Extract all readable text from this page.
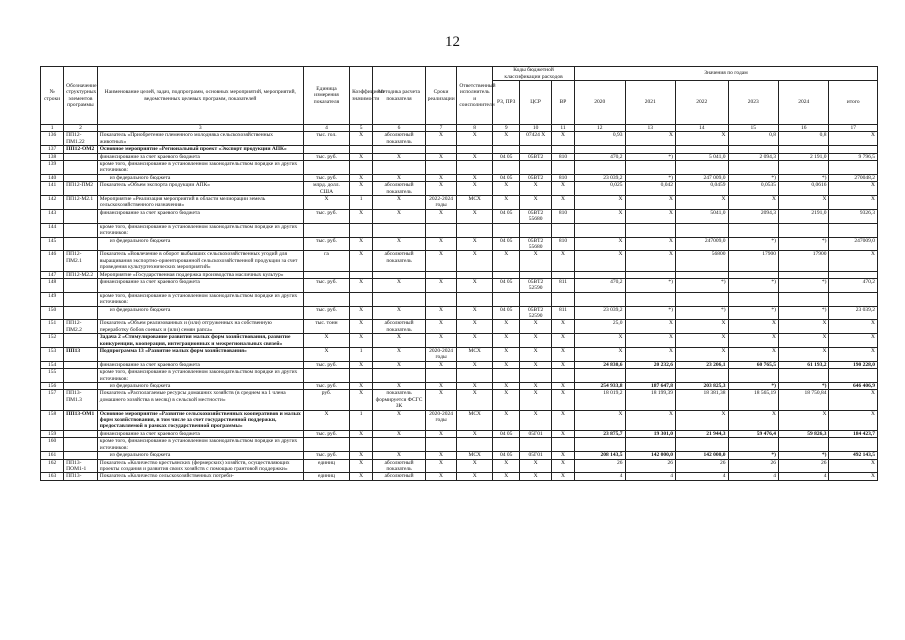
12
№ строки	Обозначение структурных элементов программы	Наименование целей, задач, подпрограмм, основных мероприятий, мероприятий, ведомственных целевых программ, показателей	Единица измерения показателя	Коэффициент значимости	Методика расчета показателя	Сроки реализации	Ответственный исполнитель и соисполнители	Коды бюджетной классификации расходов			Значения по годам					
								РЗ, ПРЗ	ЦСР	ВР	2020	2021	2022	2023	2024	итого
1	2	3	4	5	6	7	8	9	10	11	12	13	14	15	16	17
136	ПП12-ПМ1.22	Показатель «Приобретение племенного молодняка сельскохозяйственных животных»	тыс. гол.	X	абсолютный показатель	X	X	X	07424 X	X	0,93	X	X	0,8	0,8	X
137	ПП12-ОМ2	Основное мероприятие «Региональный проект «Экспорт продукции АПК»														
138		финансирование за счет краевого бюджета	тыс. руб.	X	X	X	X	04 05	05ВТ2	810	470,2	*)	5 041,0	2 094,3	2 191,0	9 796,5
139		кроме того, финансирование в установленном законодательством порядке из других источников:														
140		из федерального бюджета	тыс. руб.	X	X	X	X	04 05	05ВТ2	810	23 039,2	*)	247 009,0	*)	*)	270048,2
141	ПП12-ПМ2	Показатель «Объем экспорта продукции АПК»	млрд. долл. США	X	абсолютный показатель	X	X	X	X	X	0,025	0,042	0,0459	0,0535	0,0616	X
142	ПП12-М2.1	Мероприятие «Реализация мероприятий в области мелиорации земель сельскохозяйственного назначения»	X	1	X	2022-2024 годы	МСХ	X	X	X	X	X	X	X	X	X
143		финансирование за счет краевого бюджета	тыс. руб.	X	X	X	X	04 05	05ВТ2 55680	810	X	X	5041,0	2094,3	2191,0	9326,3
144		кроме того, финансирование в установленном законодательством порядке из других источников:														
145		из федерального бюджета	тыс. руб.	X	X	X	X	04 05	05ВТ2 55680	810	X	X	247009,0	*)	*)	247009,0
146	ПП12-ПМ2.1	Показатель «Вовлечение в оборот выбывших сельскохозяйственных угодий для выращивания экспортно-ориентированной сельскохозяйственной продукции за счет проведения культуртехнических мероприятий»	га	X	абсолютный показатель	X	X	X	X	X	X	X	56800	17900	17900	X
147	ПП12-М2.2	Мероприятие «Государственная поддержка производства масличных культур»														
148		финансирование за счет краевого бюджета	тыс. руб.	X	X	X	X	04 05	05ВТ2 52590	811	470,2	*)	*)	*)	*)	470,2
149		кроме того, финансирование в установленном законодательством порядке из других источников:														
150		из федерального бюджета	тыс. руб.	X	X	X	X	04 05	05ВТ2 52590	811	23 039,2	*)	*)	*)	*)	23 039,2
151	ПП12-ПМ2.2	Показатель «Объем реализованных и (или) отгруженных на собственную переработку бобов соевых и (или) семян рапса»	тыс. тонн	X	абсолютный показатель	X	X	X	X	X	25,0	X	X	X	X	X
152		Задача 2 «Стимулирование развития малых форм хозяйствования, развитие конкуренции, кооперация, интеграционных и межрегиональных связей»	X	X	X	X	X	X	X	X	X	X	X	X	X	X
153	ПП13	Подпрограмма 13 «Развитие малых форм хозяйствования»	X	1	X	2020-2024 годы	МСХ	X	X	X	X	X	X	X	X	X
154		финансирование за счет краевого бюджета	тыс. руб.	X	X	X	X	X	X	X	24 830,6	20 232,6	23 206,1	60 765,5	61 193,2	190 228,0
155		кроме того, финансирование в установленном законодательством порядке из других источников:														
156		из федерального бюджета	тыс. руб.	X	X	X	X	X	X	X	254 933,8	187 647,8	203 825,3	*)	*)	646 406,9
157	ПП13-ПМ1.3	Показатель «Располагаемые ресурсы домашних хозяйств (в среднем на 1 члена домашнего хозяйства в месяц) в сельской местности»	руб.	X	показатель формируется ФСГС ЗК	X	X	X	X	X	18 019,2	18 199,39	18 381,38	18 565,19	18 750,84	X
158	ПП13-ОМ1	Основное мероприятие «Развитие сельскохозяйственных кооперативов и малых форм хозяйствования, в том числе за счет государственной поддержки, предоставляемой в рамках государственной программы»	X	1	X	2020-2024 годы	МСХ	X	X	X	X	X	X	X	X	X
159		финансирование за счет краевого бюджета	тыс. руб.	X	X	X	X	04 05	05Г01	X	23 875,7	19 301,0	21 944,3	59 476,4	59 826,3	184 423,7
160		кроме того, финансирование в установленном законодательством порядке из других источников:														
161		из федерального бюджета	тыс. руб.	X	X	X	МСХ	04 05	05Г01	X	208 143,5	142 000,0	142 000,0	*)	*)	492 143,5
162	ПП13-ПОМ1-1	Показатель «Количество крестьянских (фермерских) хозяйств, осуществляющих проекты создания и развития своих хозяйств с помощью грантовой поддержки»	единиц	X	абсолютный показатель	X	X	X	X	X	26	26	26	26	26	X
163	ПП13-	Показатель «Количество сельскохозяйственных потреби-	единиц	X	абсолютный	X	X	X	X	X	4	4	4	4	4	X
